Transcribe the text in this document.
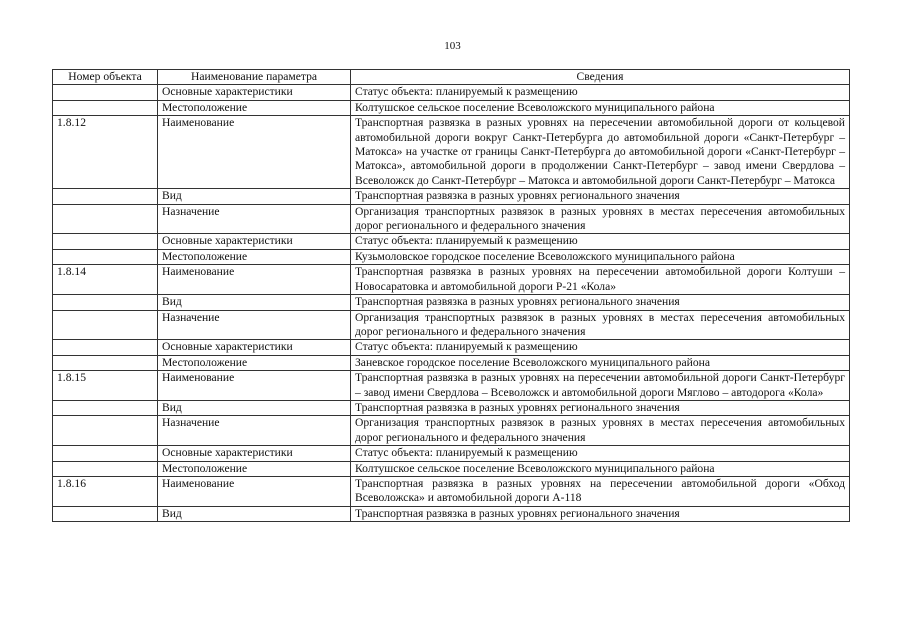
103
Номер объекта	Наименование параметра	Сведения
	Основные характеристики	Статус объекта: планируемый к размещению
	Местоположение	Колтушское сельское поселение Всеволожского муниципального района
1.8.12	Наименование	Транспортная развязка в разных уровнях на пересечении автомобильной дороги от кольцевой автомобильной дороги вокруг Санкт-Петербурга до автомобильной дороги «Санкт-Петербург – Матокса» на участке от границы Санкт-Петербурга до автомобильной дороги «Санкт-Петербург – Матокса», автомобильной дороги в продолжении Санкт-Петербург – завод имени Свердлова – Всеволожск до Санкт-Петербург – Матокса и автомобильной дороги Санкт-Петербург – Матокса
	Вид	Транспортная развязка в разных уровнях регионального значения
	Назначение	Организация транспортных развязок в разных уровнях в местах пересечения автомобильных дорог регионального и федерального значения
	Основные характеристики	Статус объекта: планируемый к размещению
	Местоположение	Кузьмоловское городское поселение Всеволожского муниципального района
1.8.14	Наименование	Транспортная развязка в разных уровнях на пересечении автомобильной дороги Колтуши – Новосаратовка и автомобильной дороги Р-21 «Кола»
	Вид	Транспортная развязка в разных уровнях регионального значения
	Назначение	Организация транспортных развязок в разных уровнях в местах пересечения автомобильных дорог регионального и федерального значения
	Основные характеристики	Статус объекта: планируемый к размещению
	Местоположение	Заневское городское поселение Всеволожского муниципального района
1.8.15	Наименование	Транспортная развязка в разных уровнях на пересечении автомобильной дороги Санкт-Петербург – завод имени Свердлова – Всеволожск и автомобильной дороги Мяглово – автодорога «Кола»
	Вид	Транспортная развязка в разных уровнях регионального значения
	Назначение	Организация транспортных развязок в разных уровнях в местах пересечения автомобильных дорог регионального и федерального значения
	Основные характеристики	Статус объекта: планируемый к размещению
	Местоположение	Колтушское сельское поселение Всеволожского муниципального района
1.8.16	Наименование	Транспортная развязка в разных уровнях на пересечении автомобильной дороги «Обход Всеволожска» и автомобильной дороги А-118
	Вид	Транспортная развязка в разных уровнях регионального значения
